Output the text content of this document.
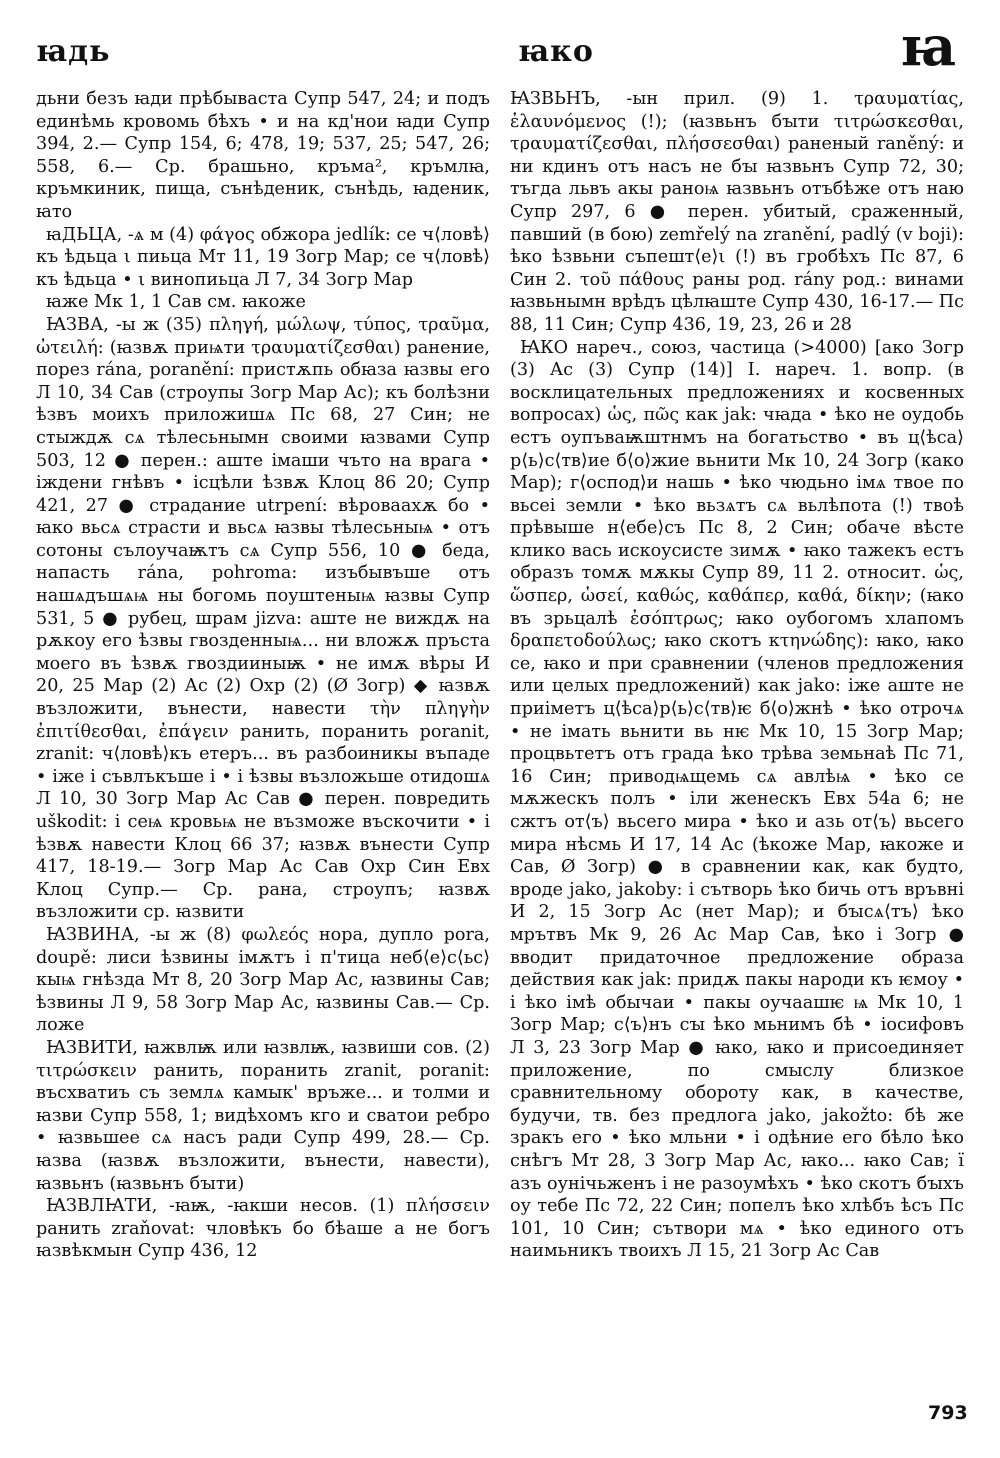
ꙗдь	ꙗко	ꙗ

дьни безъ ꙗди прѣбываста Супр 547, 24; и подъ единѣмь кровомь бѣхъ • и на кд'нои ꙗди Супр 394, 2.— Супр 154, 6; 478, 19; 537, 25; 547, 26; 558, 6.— Ср. брашьно, кръма², кръмлꙗ, кръмкиник, пища, сънѣденик, сънѣдь, ꙗденик, ꙗто

ꙗДЬЦА, -ѧ м (4) φάγος обжора jedlík: се ч⟨ловѣ⟩къ ѣдьца ι пиьца Мт 11, 19 Зогр Мар; се ч⟨ловѣ⟩къ ѣдьца • ι винопиьца Л 7, 34 Зогр Мар

ꙗже Мк 1, 1 Сав см. ꙗкоже

ꙖЗВА, -ы ж (35) πληγή, μώλωψ, τύπος, τραῦμα, ὠτειλή: (ꙗзвѫ приѩти τραυματίζεσθαι) ранение, порез rána, poranění: пристѫпь обꙗза ꙗзвы его Л 10, 34 Сав (строупы Зогр Мар Ас); къ болѣзни ѣзвъ моихъ приложишѧ Пс 68, 27 Син; не стыждѫ сѧ тѣлесьнымн своими ꙗзвами Супр 503, 12 ● перен.: аште імаши чъто на врага • іждени гнѣвъ • ісцѣли ѣзвѫ Клоц 86 20; Супр 421, 27 ● страдание utrpení: вѣроваахѫ бо • ꙗко вьсѧ страсти и вьсѧ ꙗзвы тѣлесьныѩ • отъ сотоны сълоучаѭтъ сѧ Супр 556, 10 ● беда, напасть rána, pohroma: изъбывъше отъ нашѧдъшѧѩ ны богомь поуштеныѩ ꙗзвы Супр 531, 5 ● рубец, шрам jizva: аште не виждѫ на рѫкоу его ѣзвы гвозденныѩ... ни вложѫ пръста моего въ ѣзвѫ гвоздииныѭ • не имѫ вѣры И 20, 25 Мар (2) Ас (2) Охр (2) (Ø Зогр) ◆ ꙗзвѫ възложити, вънести, навести τὴν πληγὴν ἐπιτίθεσθαι, ἐπάγειν ранить, поранить poranit, zranit: ч⟨ловѣ⟩къ етеръ... въ разбоиникы въпаде • іже і съвлъкъше і • і ѣзвы възложьше отидошѧ Л 10, 30 Зогр Мар Ас Сав ● перен. повредить uškodit: і сеѩ кровьѩ не възможе въскочити • і ѣзвѫ навести Клоц 66 37; ꙗзвѫ вънести Супр 417, 18-19.— Зогр Мар Ас Сав Охр Син Евх Клоц Супр.— Ср. рана, строупъ; ꙗзвѫ възложити ср. ꙗзвити

ꙖЗВИНА, -ы ж (8) φωλεός нора, дупло pora, doupě: лиси ѣзвины імѫтъ і п'тица неб⟨е⟩с⟨ьс⟩кыѩ гнѣзда Мт 8, 20 Зогр Мар Ас, ꙗзвины Сав; ѣзвины Л 9, 58 Зогр Мар Ас, ꙗзвины Сав.— Ср. ложе

ꙖЗВИТИ, ꙗжвлѭ или ꙗзвлѭ, ꙗзвиши сов. (2) τιτρώσκειν ранить, поранить zranit, poranit: въсхватиъ съ землѧ камык' връже... и толми и ꙗзви Супр 558, 1; видѣхомъ кго и сватои ребро • ꙗзвьшее сѧ насъ ради Супр 499, 28.— Ср. ꙗзва (ꙗзвѫ възложити, вънести, навести), ꙗзвьнъ (ꙗзвьнъ бꙑти)

ꙖЗВЛꙖТИ, -ꙗѭ, -ꙗкши несов. (1) πλήσσειν ранить zraňovat: чловѣкъ бо бѣаше а не богъ ꙗзвѣкмын Супр 436, 12

ꙖЗВЬНЪ, -ын прил. (9) 1. τραυματίας, ἐλαυνόμενος (!); (ꙗзвьнъ бꙑти τιτρώσκεσθαι, τραυματίζεσθαι, πλήσσεσθαι) раненый raněný: и ни кдинъ отъ насъ не бꙑ ꙗзвьнъ Супр 72, 30; тъгда львъ акы раноѩ ꙗзвьнъ отъбѣже отъ наю Супр 297, 6 ● перен. убитый, сраженный, павший (в бою) zemřelý na zranění, padlý (v boji): ѣко ѣзвьни съпешт⟨е⟩ι (!) въ гробѣхъ Пс 87, 6 Син 2. τοῦ πάθους раны род. rány род.: винами ꙗзвьнымн врѣдъ цѣлꙗште Супр 430, 16-17.— Пс 88, 11 Син; Супр 436, 19, 23, 26 и 28

ꙖКО нареч., союз, частица (>4000) [ако Зогр (3) Ас (3) Супр (14)] I. нареч. 1. вопр. (в восклицательных предложениях и косвенных вопросах) ὡς, πῶς как jak: чꙗда • ѣко не оудобь естъ оупъваѭштнмъ на богатьство • въ ц⟨ѣса⟩р⟨ь⟩с⟨тв⟩ие б⟨о⟩жие вьнити Мк 10, 24 Зогр (како Мар); г⟨оспод⟩и нашь • ѣко чюдьно імѧ твое по вьсеі земли • ѣко вьзѧтъ сѧ вьлѣпота (!) твоѣ прѣвыше н⟨ебе⟩съ Пс 8, 2 Син; обаче вѣсте клико вась искоусисте зимѫ • ꙗко тажекъ естъ образъ томѫ мѫкы Супр 89, 11 2. относит. ὡς, ὥσπερ, ὡσεί, καθώς, καθάπερ, καθά, δίκην; (ꙗко въ зрьцалѣ ἐσόπτρως; ꙗко оубогомъ хлапомъ δραπετοδούλως; ꙗко скотъ κτηνώδης): ꙗко, ꙗко се, ꙗко и при сравнении (членов предложения или целых предложений) как jako: іже аште не приіметъ ц⟨ѣса⟩р⟨ь⟩с⟨тв⟩ѥ б⟨о⟩жнѣ • ѣко отрочѧ • не імать вьнити вь нѥ Мк 10, 15 Зогр Мар; процвьтетъ отъ града ѣко трѣва земьнаѣ Пс 71, 16 Син; приводѩщемь сѧ авлѣѩ • ѣко се мѫжескъ полъ • іли женескъ Евх 54а 6; не сжтъ от⟨ъ⟩ вьсего мира • ѣко и азь от⟨ъ⟩ вьсего мира нѣсмь И 17, 14 Ас (ѣкоже Мар, ꙗкоже и Сав, Ø Зогр) ● в сравнении как, как будто, вроде jako, jakoby: і сътворь ѣко бичь отъ връвні И 2, 15 Зогр Ас (нет Мар); и бꙑсѧ⟨тъ⟩ ѣко мрътвъ Мк 9, 26 Ас Мар Сав, ѣко і Зогр ● вводит придаточное предложение образа действия как jak: придѫ пакы народи къ ѥмоу • і ѣко імѣ обычаи • пакы оучаашѥ ѩ Мк 10, 1 Зогр Мар; с⟨ъ⟩нъ сꙑ ѣко мьнимъ бѣ • іосифовъ Л 3, 23 Зогр Мар ● ꙗко, ꙗко и присоединяет приложение, по смыслу близкое сравнительному обороту как, в качестве, будучи, тв. без предлога jako, jakožto: бѣ же зракъ его • ѣко мльни • і одѣние его бѣло ѣко снѣгъ Мт 28, 3 Зогр Мар Ас, ꙗко... ꙗко Сав; ї азъ оунічьженъ і не разоумѣхъ • ѣко скотъ бꙑхъ оу тебе Пс 72, 22 Син; попелъ ѣко хлѣбъ ѣсъ Пс 101, 10 Син; сътвори мѧ • ѣко единого отъ наимьникъ твоихъ Л 15, 21 Зогр Ас Сав

793
